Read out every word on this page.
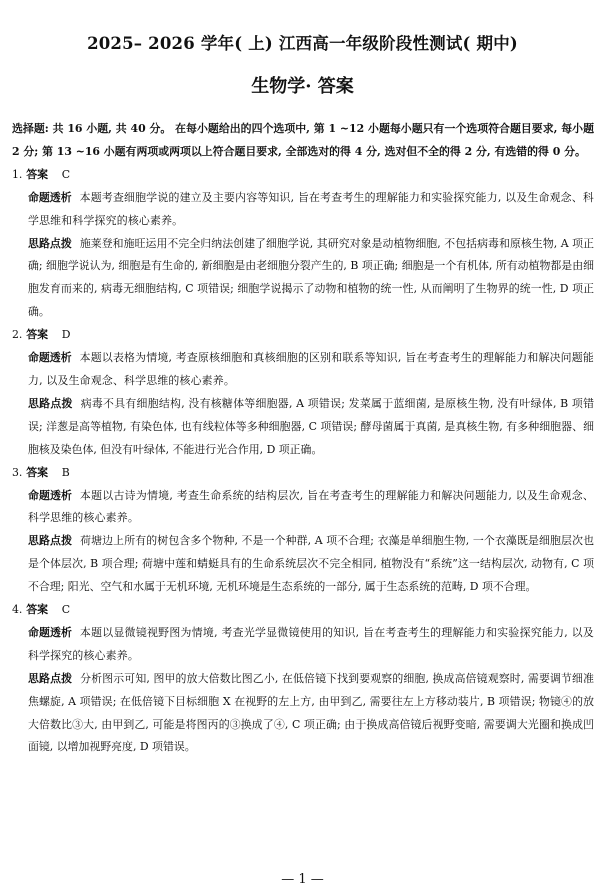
2025– 2026 学年( 上) 江西高一年级阶段性测试( 期中)
生物学· 答案

选择题: 共 16 小题, 共 40 分。 在每小题给出的四个选项中, 第 1 ~12 小题每小题只有一个选项符合题目要求, 每小题 2 分; 第 13 ~16 小题有两项或两项以上符合题目要求, 全部选对的得 4 分, 选对但不全的得 2 分, 有选错的得 0 分。

1. 答案 C

命题透析 本题考查细胞学说的建立及主要内容等知识, 旨在考查考生的理解能力和实验探究能力, 以及生命观念、科学思维和科学探究的核心素养。

思路点拨 施莱登和施旺运用不完全归纳法创建了细胞学说, 其研究对象是动植物细胞, 不包括病毒和原核生物, A 项正确; 细胞学说认为, 细胞是有生命的, 新细胞是由老细胞分裂产生的, B 项正确; 细胞是一个有机体, 所有动植物都是由细胞发育而来的, 病毒无细胞结构, C 项错误; 细胞学说揭示了动物和植物的统一性, 从而阐明了生物界的统一性, D 项正确。

2. 答案 D

命题透析 本题以表格为情境, 考查原核细胞和真核细胞的区别和联系等知识, 旨在考查考生的理解能力和解决问题能力, 以及生命观念、科学思维的核心素养。

思路点拨 病毒不具有细胞结构, 没有核糖体等细胞器, A 项错误; 发菜属于蓝细菌, 是原核生物, 没有叶绿体, B 项错误; 洋葱是高等植物, 有染色体, 也有线粒体等多种细胞器, C 项错误; 酵母菌属于真菌, 是真核生物, 有多种细胞器、细胞核及染色体, 但没有叶绿体, 不能进行光合作用, D 项正确。

3. 答案 B

命题透析 本题以古诗为情境, 考查生命系统的结构层次, 旨在考查考生的理解能力和解决问题能力, 以及生命观念、科学思维的核心素养。

思路点拨 荷塘边上所有的树包含多个物种, 不是一个种群, A 项不合理; 衣藻是单细胞生物, 一个衣藻既是细胞层次也是个体层次, B 项合理; 荷塘中莲和蜻蜓具有的生命系统层次不完全相同, 植物没有“系统”这一结构层次, 动物有, C 项不合理; 阳光、空气和水属于无机环境, 无机环境是生态系统的一部分, 属于生态系统的范畴, D 项不合理。

4. 答案 C

命题透析 本题以显微镜视野图为情境, 考查光学显微镜使用的知识, 旨在考查考生的理解能力和实验探究能力, 以及科学探究的核心素养。

思路点拨 分析图示可知, 图甲的放大倍数比图乙小, 在低倍镜下找到要观察的细胞, 换成高倍镜观察时, 需要调节细准焦螺旋, A 项错误; 在低倍镜下目标细胞 X 在视野的左上方, 由甲到乙, 需要往左上方移动装片, B 项错误; 物镜④的放大倍数比③大, 由甲到乙, 可能是将图丙的③换成了④, C 项正确; 由于换成高倍镜后视野变暗, 需要调大光圈和换成凹面镜, 以增加视野亮度, D 项错误。

— 1 —
